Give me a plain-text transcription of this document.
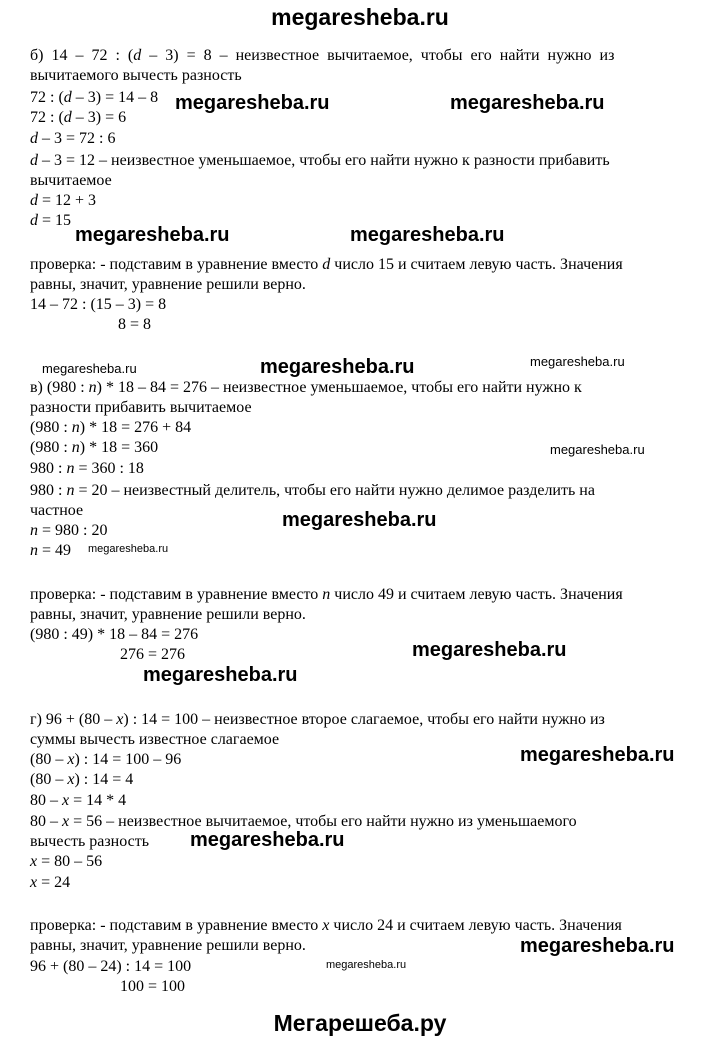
megaresheba.ru
б) 14 – 72 : (d – 3) = 8 – неизвестное вычитаемое, чтобы его найти нужно из
вычитаемого вычесть разность
72 : (d – 3) = 14 – 8
72 : (d – 3) = 6
d – 3 = 72 : 6
d – 3 = 12 – неизвестное уменьшаемое, чтобы его найти нужно к разности прибавить
вычитаемое
d = 12 + 3
d = 15
проверка: - подставим в уравнение вместо d число 15 и считаем левую часть. Значения
равны, значит, уравнение решили верно.
14 – 72 : (15 – 3) = 8
8 = 8
в) (980 : n) * 18 – 84 = 276 – неизвестное уменьшаемое, чтобы его найти нужно к
разности прибавить вычитаемое
(980 : n) * 18 = 276 + 84
(980 : n) * 18 = 360
980 : n = 360 : 18
980 : n = 20 – неизвестный делитель, чтобы его найти нужно делимое разделить на
частное
n = 980 : 20
n = 49
проверка: - подставим в уравнение вместо n число 49 и считаем левую часть. Значения
равны, значит, уравнение решили верно.
(980 : 49) * 18 – 84 = 276
276 = 276
г) 96 + (80 – x) : 14 = 100 – неизвестное второе слагаемое, чтобы его найти нужно из
суммы вычесть известное слагаемое
(80 – x) : 14 = 100 – 96
(80 – x) : 14 = 4
80 – x = 14 * 4
80 – x = 56 – неизвестное вычитаемое, чтобы его найти нужно из уменьшаемого
вычесть разность
x = 80 – 56
x = 24
проверка: - подставим в уравнение вместо x число 24 и считаем левую часть. Значения
равны, значит, уравнение решили верно.
96 + (80 – 24) : 14 = 100
100 = 100
megaresheba.ru	megaresheba.ru
megaresheba.ru	megaresheba.ru
megaresheba.ru	megaresheba.ru	megaresheba.ru
megaresheba.ru
megaresheba.ru
megaresheba.ru
megaresheba.ru
megaresheba.ru
megaresheba.ru
megaresheba.ru
megaresheba.ru
megaresheba.ru
Мегарешеба.ру
